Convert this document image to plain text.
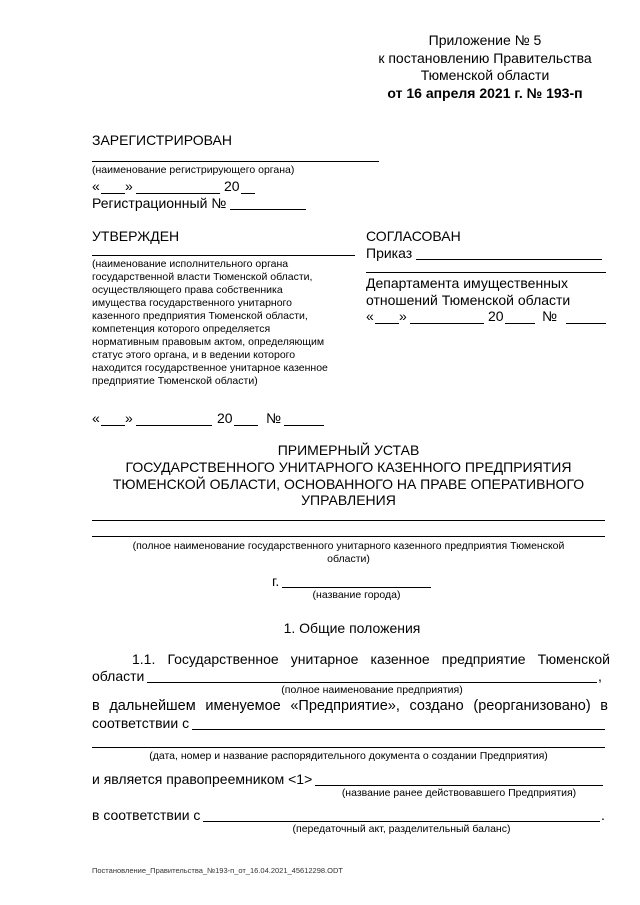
Приложение № 5
к постановлению Правительства
Тюменской области
от 16 апреля 2021 г. № 193-п
ЗАРЕГИСТРИРОВАН
(наименование регистрирующего органа)
« »	20
Регистрационный №
УТВЕРЖДЕН
(наименование исполнительного органа
государственной власти Тюменской области,
осуществляющего права собственника
имущества государственного унитарного
казенного предприятия Тюменской области,
компетенция которого определяется
нормативным правовым актом, определяющим
статус этого органа, и в ведении которого
находится государственное унитарное казенное
предприятие Тюменской области)
« »	20 №
СОГЛАСОВАН
Приказ
Департамента имущественных
отношений Тюменской области
« »	20	№
ПРИМЕРНЫЙ УСТАВ
ГОСУДАРСТВЕННОГО УНИТАРНОГО КАЗЕННОГО ПРЕДПРИЯТИЯ
ТЮМЕНСКОЙ ОБЛАСТИ, ОСНОВАННОГО НА ПРАВЕ ОПЕРАТИВНОГО
УПРАВЛЕНИЯ
(полное наименование государственного унитарного казенного предприятия Тюменской
области)
г.
(название города)
1. Общие положения
1.1. Государственное унитарное казенное предприятие Тюменской
области	,
(полное наименование предприятия)
в дальнейшем именуемое «Предприятие», создано (реорганизовано) в
соответствии с
(дата, номер и название распорядительного документа о создании Предприятия)
и является правопреемником <1>
(название ранее действовавшего Предприятия)
в соответствии с	.
(передаточный акт, разделительный баланс)
Постановление_Правительства_№193-п_от_16.04.2021_45612298.ODT
